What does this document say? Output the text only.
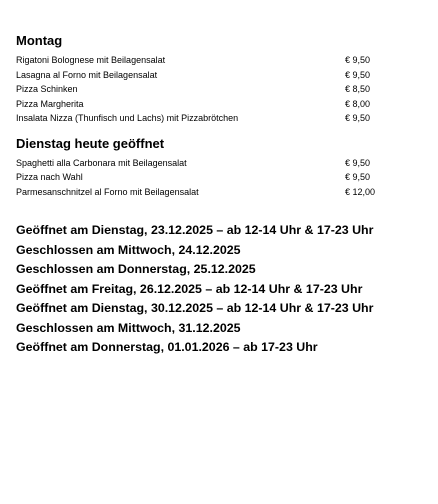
Montag
Rigatoni Bolognese mit Beilagensalat	€ 9,50
Lasagna al Forno mit Beilagensalat	€ 9,50
Pizza Schinken	€ 8,50
Pizza Margherita	€ 8,00
Insalata Nizza (Thunfisch und Lachs) mit Pizzabrötchen	€ 9,50
Dienstag heute geöffnet
Spaghetti alla Carbonara mit Beilagensalat	€ 9,50
Pizza nach Wahl	€ 9,50
Parmesanschnitzel al Forno mit Beilagensalat	€ 12,00
Geöffnet am Dienstag, 23.12.2025 – ab 12-14 Uhr & 17-23 Uhr
Geschlossen am Mittwoch, 24.12.2025
Geschlossen am Donnerstag, 25.12.2025
Geöffnet am Freitag, 26.12.2025 – ab 12-14 Uhr & 17-23 Uhr
Geöffnet am Dienstag, 30.12.2025 – ab 12-14 Uhr & 17-23 Uhr
Geschlossen am Mittwoch, 31.12.2025
Geöffnet am Donnerstag, 01.01.2026 – ab 17-23 Uhr
